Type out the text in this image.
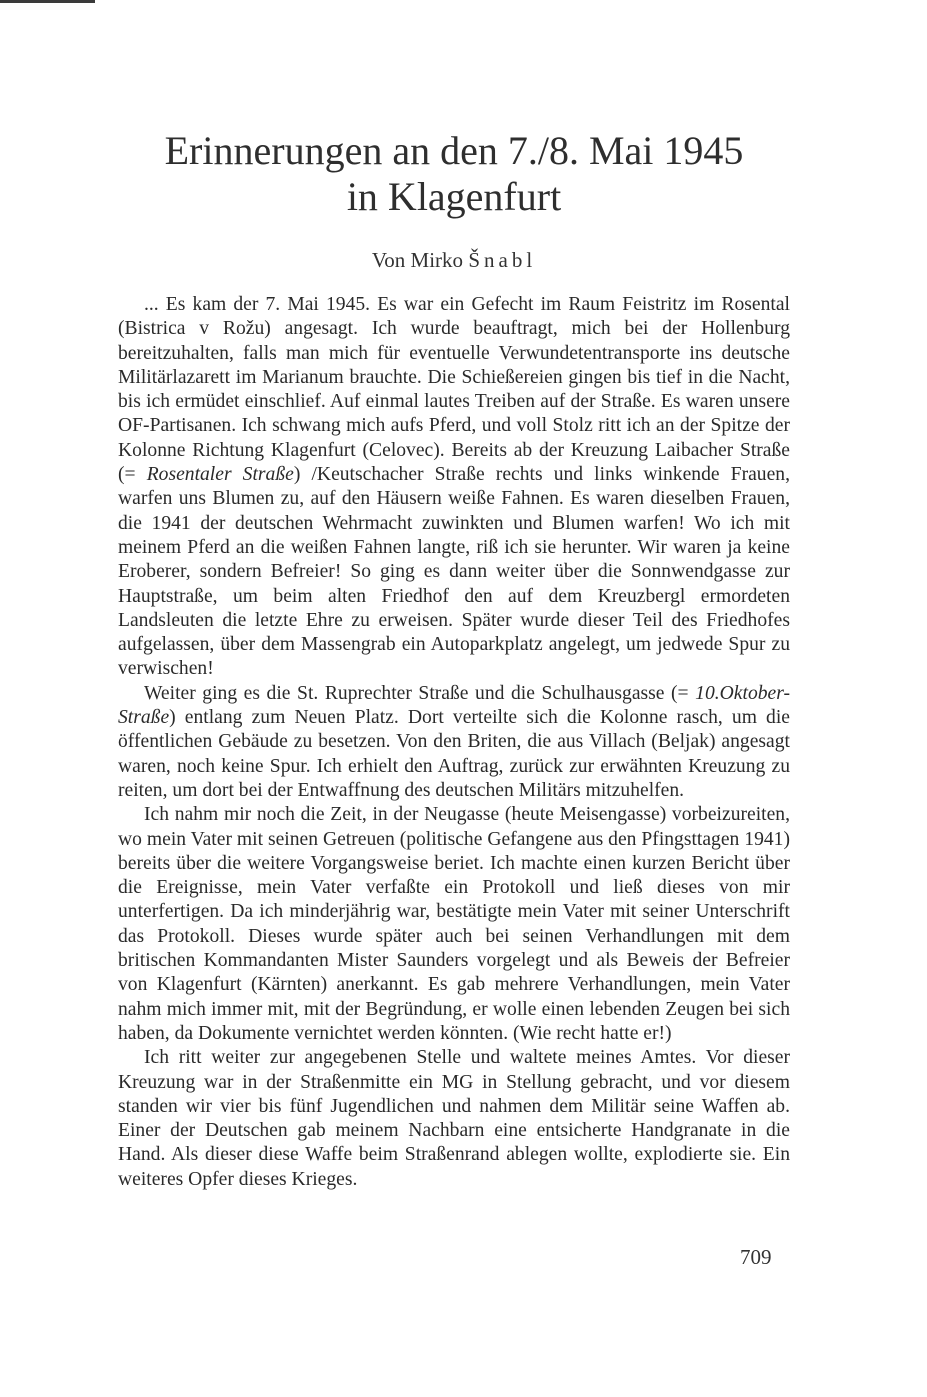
Erinnerungen an den 7./8. Mai 1945
in Klagenfurt
Von Mirko Šnabl

... Es kam der 7. Mai 1945. Es war ein Gefecht im Raum Feistritz im Rosental (Bistrica v Rožu) angesagt. Ich wurde beauftragt, mich bei der Hollenburg bereitzuhalten, falls man mich für eventuelle Verwundetentransporte ins deutsche Militärlazarett im Marianum brauchte. Die Schießereien gingen bis tief in die Nacht, bis ich ermüdet einschlief. Auf einmal lautes Treiben auf der Straße. Es waren unsere OF-Partisanen. Ich schwang mich aufs Pferd, und voll Stolz ritt ich an der Spitze der Kolonne Richtung Klagenfurt (Celovec). Bereits ab der Kreuzung Laibacher Straße (= Rosentaler Straße) /Keutschacher Straße rechts und links winkende Frauen, warfen uns Blumen zu, auf den Häusern weiße Fahnen. Es waren dieselben Frauen, die 1941 der deutschen Wehrmacht zuwinkten und Blumen warfen! Wo ich mit meinem Pferd an die weißen Fahnen langte, riß ich sie herunter. Wir waren ja keine Eroberer, sondern Befreier! So ging es dann weiter über die Sonnwendgasse zur Hauptstraße, um beim alten Friedhof den auf dem Kreuzbergl ermordeten Landsleuten die letzte Ehre zu erweisen. Später wurde dieser Teil des Friedhofes aufgelassen, über dem Massengrab ein Autoparkplatz angelegt, um jedwede Spur zu verwischen!

Weiter ging es die St. Ruprechter Straße und die Schulhausgasse (= 10.Oktober-Straße) entlang zum Neuen Platz. Dort verteilte sich die Kolonne rasch, um die öffentlichen Gebäude zu besetzen. Von den Briten, die aus Villach (Beljak) angesagt waren, noch keine Spur. Ich erhielt den Auftrag, zurück zur erwähnten Kreuzung zu reiten, um dort bei der Entwaffnung des deutschen Militärs mitzuhelfen.

Ich nahm mir noch die Zeit, in der Neugasse (heute Meisengasse) vorbeizureiten, wo mein Vater mit seinen Getreuen (politische Gefangene aus den Pfingsttagen 1941) bereits über die weitere Vorgangsweise beriet. Ich machte einen kurzen Bericht über die Ereignisse, mein Vater verfaßte ein Protokoll und ließ dieses von mir unterfertigen. Da ich minderjährig war, bestätigte mein Vater mit seiner Unterschrift das Protokoll. Dieses wurde später auch bei seinen Verhandlungen mit dem britischen Kommandanten Mister Saunders vorgelegt und als Beweis der Befreier von Klagenfurt (Kärnten) anerkannt. Es gab mehrere Verhandlungen, mein Vater nahm mich immer mit, mit der Begründung, er wolle einen lebenden Zeugen bei sich haben, da Dokumente vernichtet werden könnten. (Wie recht hatte er!)

Ich ritt weiter zur angegebenen Stelle und waltete meines Amtes. Vor dieser Kreuzung war in der Straßenmitte ein MG in Stellung gebracht, und vor diesem standen wir vier bis fünf Jugendlichen und nahmen dem Militär seine Waffen ab. Einer der Deutschen gab meinem Nachbarn eine entsicherte Handgranate in die Hand. Als dieser diese Waffe beim Straßenrand ablegen wollte, explodierte sie. Ein weiteres Opfer dieses Krieges.

709
